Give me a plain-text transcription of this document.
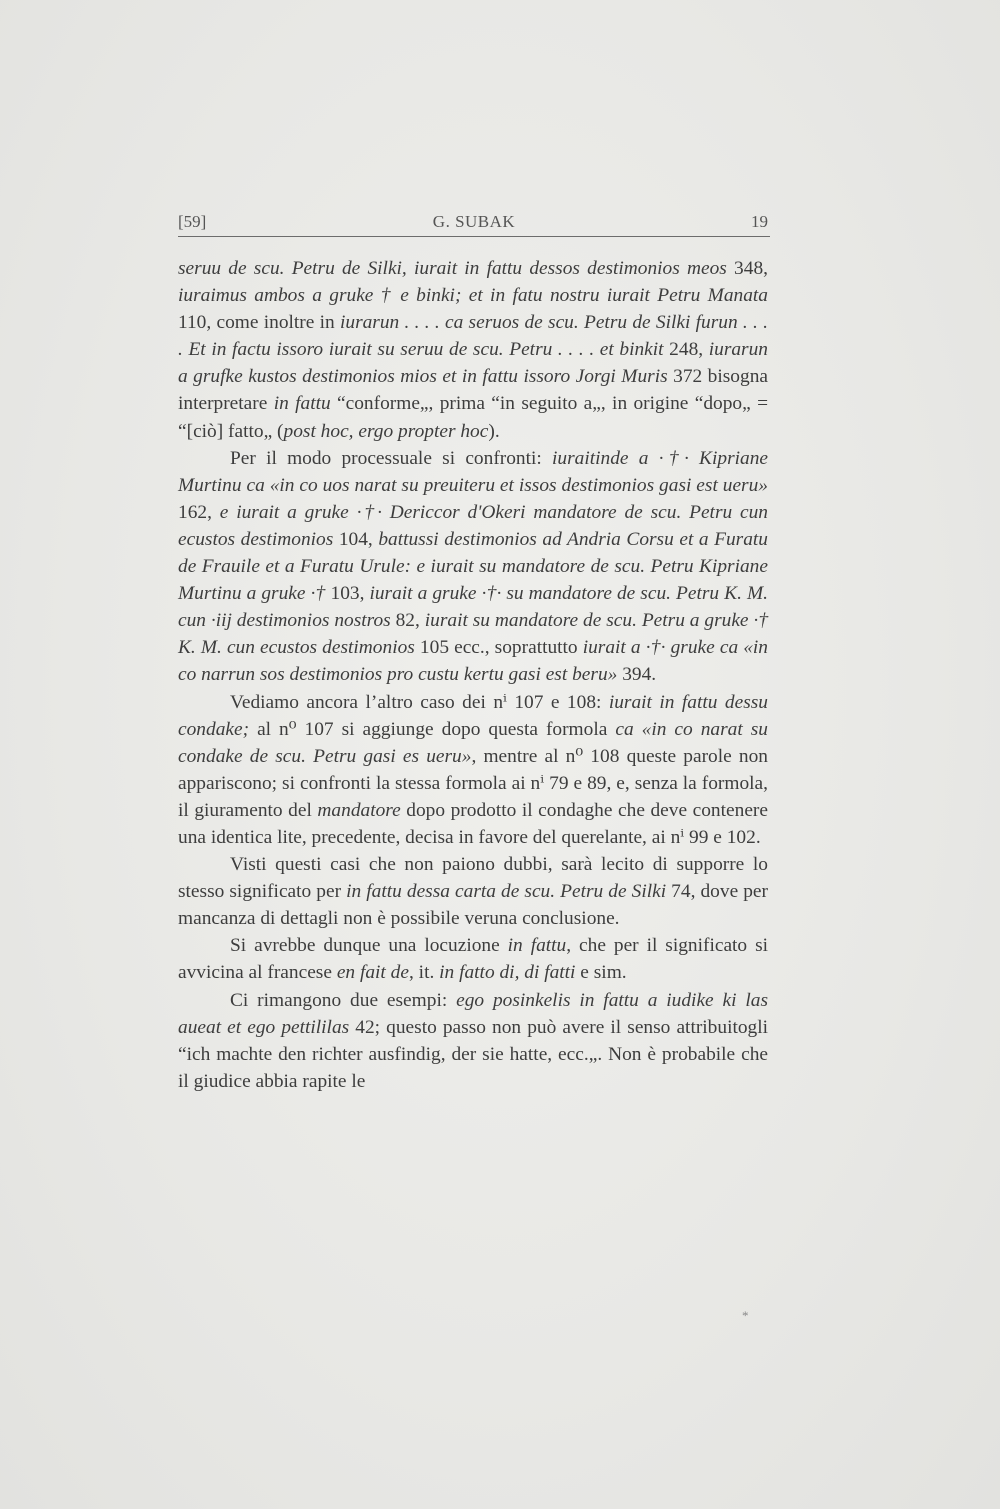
[59]	G. SUBAK	19

seruu de scu. Petru de Silki, iurait in fattu dessos destimonios meos 348, iuraimus ambos a gruke † e binki; et in fatu nostru iurait Petru Manata 110, come inoltre in iurarun . . . . ca seruos de scu. Petru de Silki furun . . . . Et in factu issoro iurait su seruu de scu. Petru . . . . et binkit 248, iurarun a grufke kustos destimonios mios et in fattu issoro Jorgi Muris 372 bisogna interpretare in fattu “conforme„, prima “in seguito a„, in origine “dopo„ = “[ciò] fatto„ (post hoc, ergo propter hoc).

Per il modo processuale si confronti: iuraitinde a ·†· Kipriane Murtinu ca «in co uos narat su preuiteru et issos destimonios gasi est ueru» 162, e iurait a gruke ·†· Dericcor d'Okeri mandatore de scu. Petru cun ecustos destimonios 104, battussi destimonios ad Andria Corsu et a Furatu de Frauile et a Furatu Urule: e iurait su mandatore de scu. Petru Kipriane Murtinu a gruke ·† 103, iurait a gruke ·†· su mandatore de scu. Petru K. M. cun ·iij destimonios nostros 82, iurait su mandatore de scu. Petru a gruke ·† K. M. cun ecustos destimonios 105 ecc., soprattutto iurait a ·†· gruke ca «in co narrun sos destimonios pro custu kertu gasi est beru» 394.

Vediamo ancora l’altro caso dei nⁱ 107 e 108: iurait in fattu dessu condake; al n⁰ 107 si aggiunge dopo questa formola ca «in co narat su condake de scu. Petru gasi es ueru», mentre al n⁰ 108 queste parole non appariscono; si confronti la stessa formola ai nⁱ 79 e 89, e, senza la formola, il giuramento del mandatore dopo prodotto il condaghe che deve contenere una identica lite, precedente, decisa in favore del querelante, ai nⁱ 99 e 102.

Visti questi casi che non paiono dubbi, sarà lecito di supporre lo stesso significato per in fattu dessa carta de scu. Petru de Silki 74, dove per mancanza di dettagli non è possibile veruna conclusione.

Si avrebbe dunque una locuzione in fattu, che per il significato si avvicina al francese en fait de, it. in fatto di, di fatti e sim.

Ci rimangono due esempi: ego posinkelis in fattu a iudike ki las aueat et ego pettililas 42; questo passo non può avere il senso attribuitogli “ich machte den richter ausfindig, der sie hatte, ecc.„. Non è probabile che il giudice abbia rapite le

*
